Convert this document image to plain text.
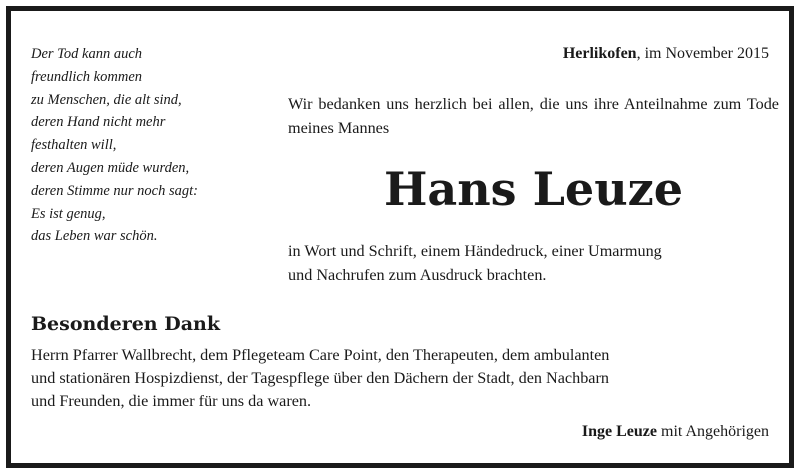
Der Tod kann auch
freundlich kommen
zu Menschen, die alt sind,
deren Hand nicht mehr
festhalten will,
deren Augen müde wurden,
deren Stimme nur noch sagt:
Es ist genug,
das Leben war schön.
Herlikofen, im November 2015
Wir bedanken uns herzlich bei allen, die uns ihre Anteilnahme zum Tode meines Mannes
Hans Leuze
in Wort und Schrift, einem Händedruck, einer Umarmung
und Nachrufen zum Ausdruck brachten.
Besonderen Dank
Herrn Pfarrer Wallbrecht, dem Pflegeteam Care Point, den Therapeuten, dem ambulanten
und stationären Hospizdienst, der Tagespflege über den Dächern der Stadt, den Nachbarn
und Freunden, die immer für uns da waren.
Inge Leuze mit Angehörigen
